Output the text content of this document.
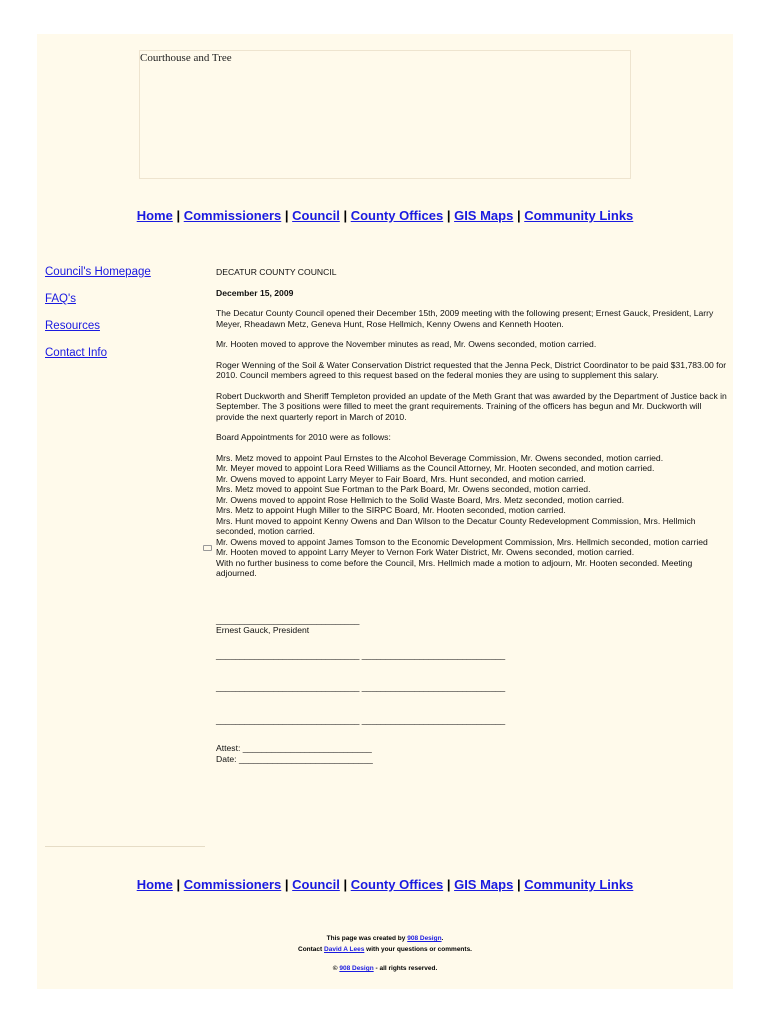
Courthouse and Tree
Home | Commissioners | Council | County Offices | GIS Maps | Community Links
Council's Homepage
FAQ's
Resources
Contact Info

DECATUR COUNTY COUNCIL

December 15, 2009

The Decatur County Council opened their December 15th, 2009 meeting with the following present; Ernest Gauck, President, Larry Meyer, Rheadawn Metz, Geneva Hunt, Rose Hellmich, Kenny Owens and Kenneth Hooten.

Mr. Hooten moved to approve the November minutes as read, Mr. Owens seconded, motion carried.

Roger Wenning of the Soil & Water Conservation District requested that the Jenna Peck, District Coordinator to be paid $31,783.00 for 2010. Council members agreed to this request based on the federal monies they are using to supplement this salary.

Robert Duckworth and Sheriff Templeton provided an update of the Meth Grant that was awarded by the Department of Justice back in September. The 3 positions were filled to meet the grant requirements. Training of the officers has begun and Mr. Duckworth will provide the next quarterly report in March of 2010.

Board Appointments for 2010 were as follows:

Mrs. Metz moved to appoint Paul Ernstes to the Alcohol Beverage Commission, Mr. Owens seconded, motion carried.
Mr. Meyer moved to appoint Lora Reed Williams as the Council Attorney, Mr. Hooten seconded, and motion carried.
Mr. Owens moved to appoint Larry Meyer to Fair Board, Mrs. Hunt seconded, and motion carried.
Mrs. Metz moved to appoint Sue Fortman to the Park Board, Mr. Owens seconded, motion carried.
Mr. Owens moved to appoint Rose Hellmich to the Solid Waste Board, Mrs. Metz seconded, motion carried.
Mrs. Metz to appoint Hugh Miller to the SIRPC Board, Mr. Hooten seconded, motion carried.
Mrs. Hunt moved to appoint Kenny Owens and Dan Wilson to the Decatur County Redevelopment Commission, Mrs. Hellmich seconded, motion carried.
Mr. Owens moved to appoint James Tomson to the Economic Development Commission, Mrs. Hellmich seconded, motion carried
Mr. Hooten moved to appoint Larry Meyer to Vernon Fork Water District, Mr. Owens seconded, motion carried.
With no further business to come before the Council, Mrs. Hellmich made a motion to adjourn, Mr. Hooten seconded. Meeting adjourned.

______________________________
Ernest Gauck, President

______________________________ ______________________________

______________________________ ______________________________

______________________________ ______________________________

Attest: ___________________________
Date: ____________________________

Home | Commissioners | Council | County Offices | GIS Maps | Community Links
This page was created by 908 Design.
Contact David A Lees with your questions or comments.
© 908 Design - all rights reserved.
